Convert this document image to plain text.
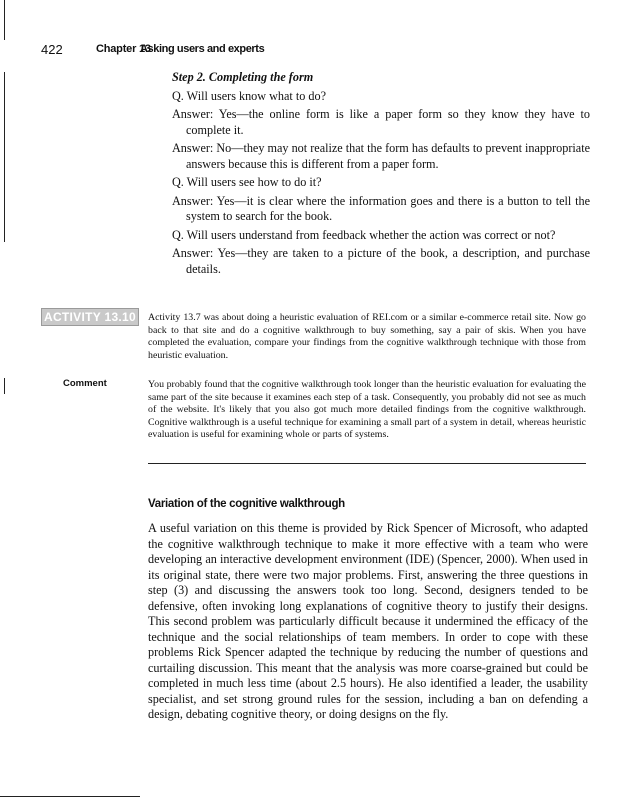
422	Chapter 13
Asking users and experts
Step 2. Completing the form
Q. Will users know what to do?
Answer: Yes—the online form is like a paper form so they know they have to complete it.
Answer: No—they may not realize that the form has defaults to prevent inappropriate answers because this is different from a paper form.
Q. Will users see how to do it?
Answer: Yes—it is clear where the information goes and there is a button to tell the system to search for the book.
Q. Will users understand from feedback whether the action was correct or not?
Answer: Yes—they are taken to a picture of the book, a description, and purchase details.
ACTIVITY 13.10	Activity 13.7 was about doing a heuristic evaluation of REI.com or a similar e-commerce retail site. Now go back to that site and do a cognitive walkthrough to buy something, say a pair of skis. When you have completed the evaluation, compare your findings from the cognitive walkthrough technique with those from heuristic evaluation.
Comment	You probably found that the cognitive walkthrough took longer than the heuristic evaluation for evaluating the same part of the site because it examines each step of a task. Consequently, you probably did not see as much of the website. It's likely that you also got much more detailed findings from the cognitive walkthrough. Cognitive walkthrough is a useful technique for examining a small part of a system in detail, whereas heuristic evaluation is useful for examining whole or parts of systems.
Variation of the cognitive walkthrough
A useful variation on this theme is provided by Rick Spencer of Microsoft, who adapted the cognitive walkthrough technique to make it more effective with a team who were developing an interactive development environment (IDE) (Spencer, 2000). When used in its original state, there were two major problems. First, answering the three questions in step (3) and discussing the answers took too long. Second, designers tended to be defensive, often invoking long explanations of cognitive theory to justify their designs. This second problem was particularly difficult because it undermined the efficacy of the technique and the social relationships of team members. In order to cope with these problems Rick Spencer adapted the technique by reducing the number of questions and curtailing discussion. This meant that the analysis was more coarse-grained but could be completed in much less time (about 2.5 hours). He also identified a leader, the usability specialist, and set strong ground rules for the session, including a ban on defending a design, debating cognitive theory, or doing designs on the fly.
